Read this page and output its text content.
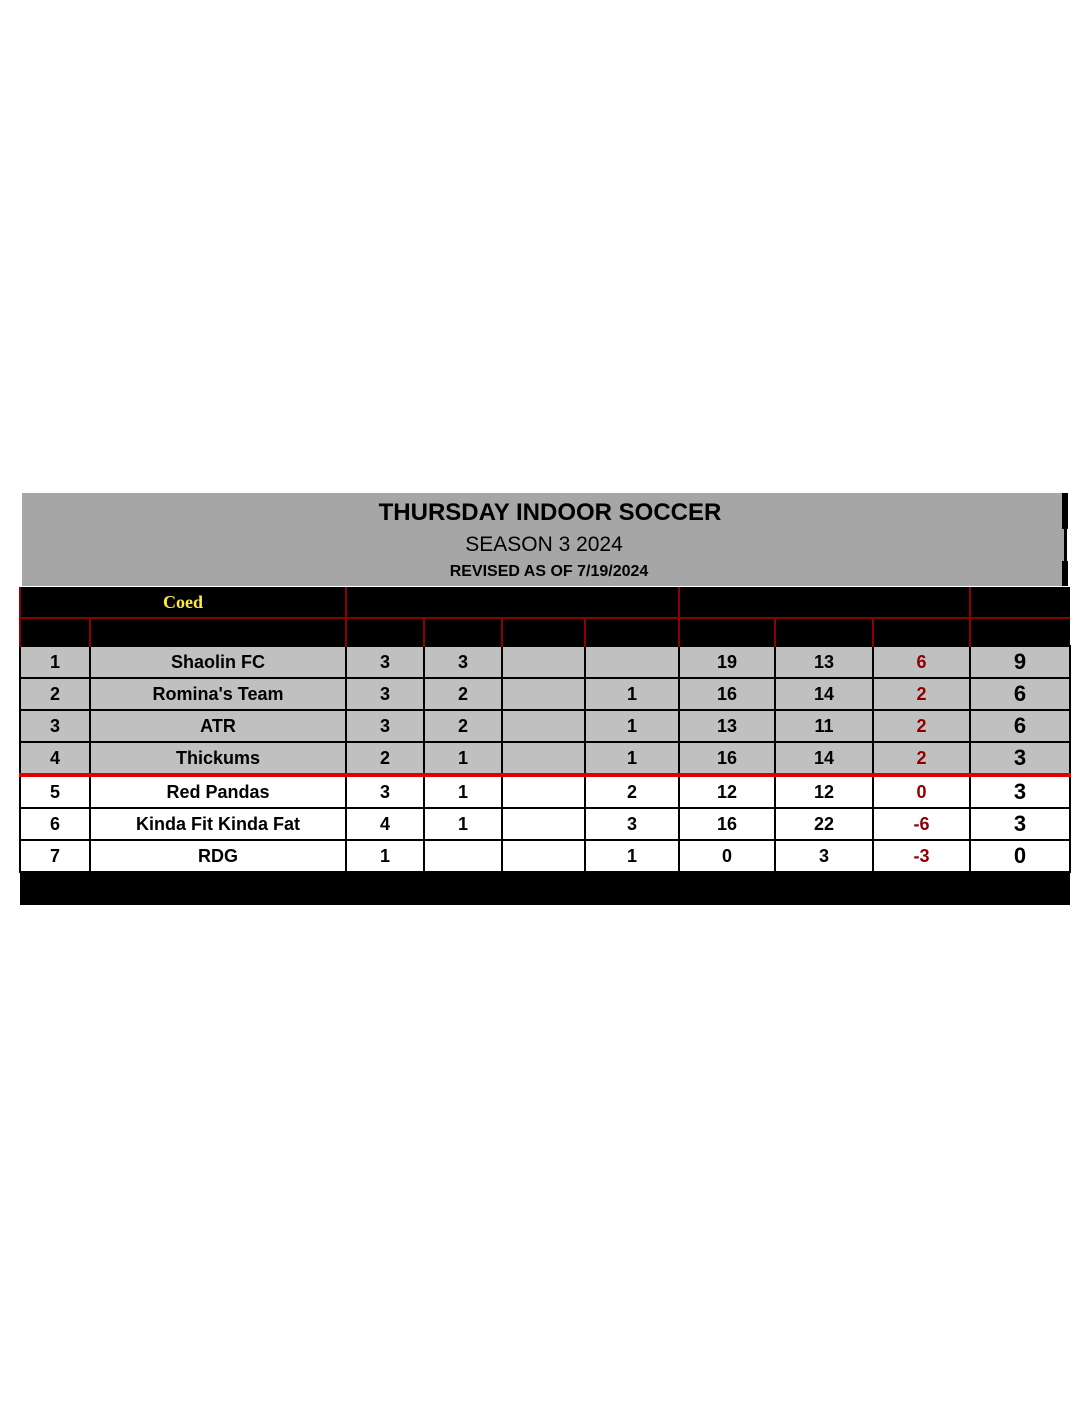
THURSDAY INDOOR SOCCER
SEASON 3 2024
REVISED AS OF 7/19/2024
Coed		SEASON RECORD				GOALS			TOTAL
POS.	TEAM NAME	GAMES	WINS	TIES	LOSSES	FOR	AGAINST	DIFF.	POINTS
1	Shaolin FC	3	3			19	13	6	9
2	Romina's Team	3	2		1	16	14	2	6
3	ATR	3	2		1	13	11	2	6
4	Thickums	2	1		1	16	14	2	3
5	Red Pandas	3	1		2	12	12	0	3
6	Kinda Fit Kinda Fat	4	1		3	16	22	-6	3
7	RDG	1			1	0	3	-3	0
***HIGHLIGHTED TEAMS REFLECT PLAYOFF SPOTS***									
